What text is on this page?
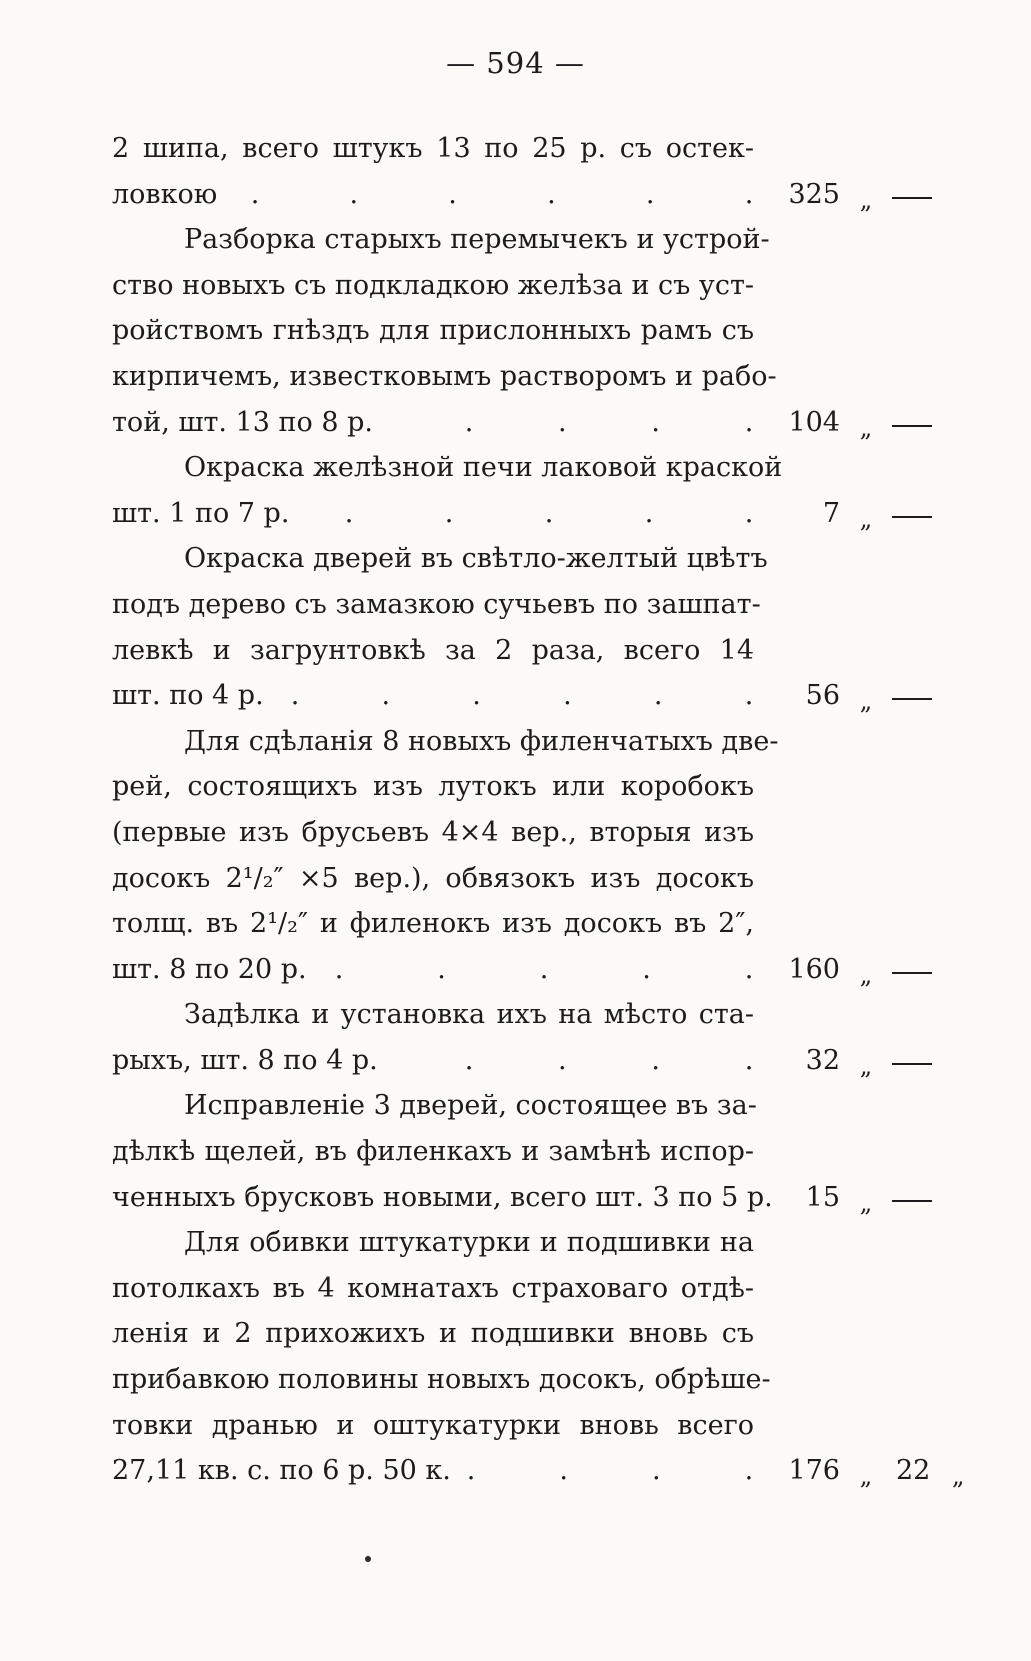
— 594 —
2 шипа, всего штукъ 13 по 25 р. съ остек-
ловкою .	.	.	.	.	.	325 „
Разборка старыхъ перемычекъ и устрой-
ство новыхъ съ подкладкою желѣза и съ уст-
ройствомъ гнѣздъ для прислонныхъ рамъ съ
кирпичемъ, известковымъ растворомъ и рабо-
той, шт. 13 по 8 р.	.	.	.	.	104 „
Окраска желѣзной печи лаковой краской
шт. 1 по 7 р. .	.	.	.	.	7 „
Окраска дверей въ свѣтло-желтый цвѣтъ
подъ дерево съ замазкою сучьевъ по зашпат-
левкѣ и загрунтовкѣ за 2 раза, всего 14
шт. по 4 р. .	.	.	.	.	.	56 „
Для сдѣланія 8 новыхъ филенчатыхъ две-
рей, состоящихъ изъ лутокъ или коробокъ
(первые изъ брусьевъ 4×4 вер., вторыя изъ
досокъ 2¹/₂″ ×5 вер.), обвязокъ изъ досокъ
толщ. въ 2¹/₂″ и филенокъ изъ досокъ въ 2″,
шт. 8 по 20 р. .	.	.	.	.	160 „
Задѣлка и установка ихъ на мѣсто ста-
рыхъ, шт. 8 по 4 р.	.	.	.	.	32 „
Исправленіе 3 дверей, состоящее въ за-
дѣлкѣ щелей, въ филенкахъ и замѣнѣ испор-
ченныхъ брусковъ новыми, всего шт. 3 по 5 р.	15 „
Для обивки штукатурки и подшивки на
потолкахъ въ 4 комнатахъ страховаго отдѣ-
ленія и 2 прихожихъ и подшивки вновь съ
прибавкою половины новыхъ досокъ, обрѣше-
товки дранью и оштукатурки вновь всего
27,11 кв. с. по 6 р. 50 к. .	.	.	.	176 „ 22 „
